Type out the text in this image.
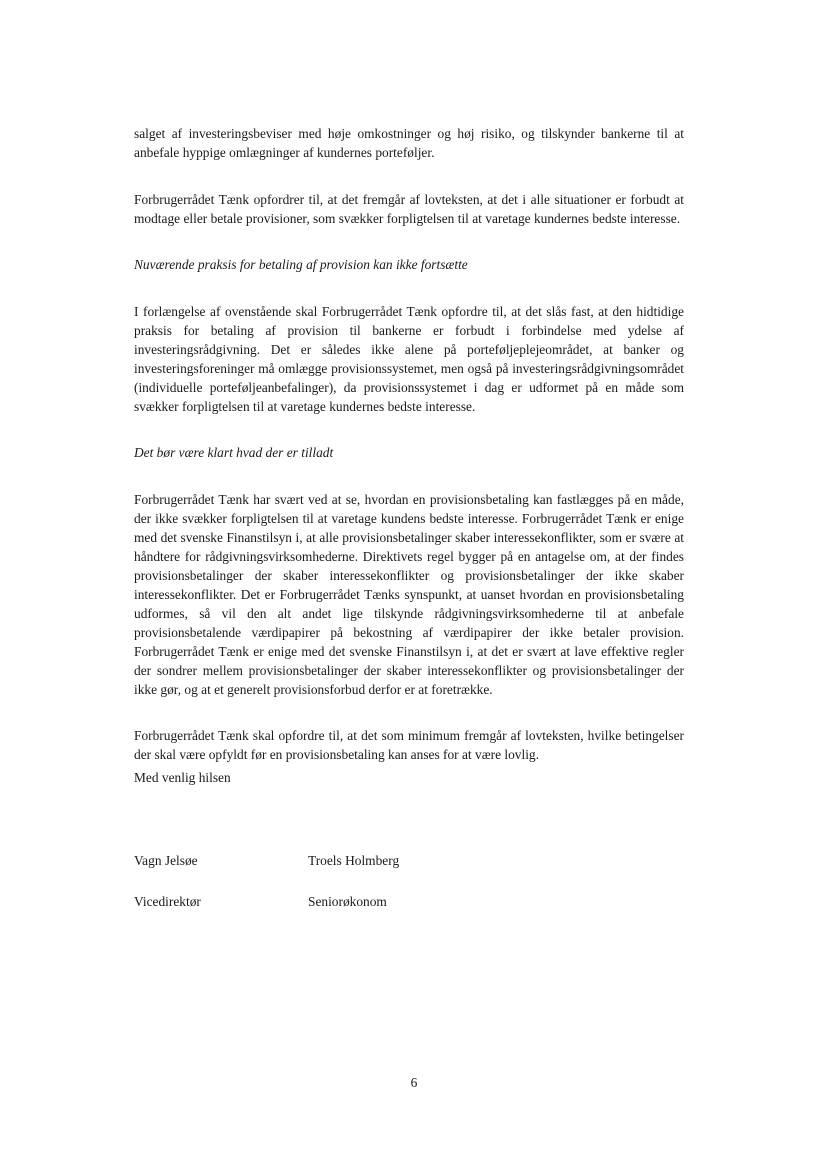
salget af investeringsbeviser med høje omkostninger og høj risiko, og tilskynder bankerne til at anbefale hyppige omlægninger af kundernes porteføljer.

Forbrugerrådet Tænk opfordrer til, at det fremgår af lovteksten, at det i alle situationer er forbudt at modtage eller betale provisioner, som svækker forpligtelsen til at varetage kundernes bedste interesse.

Nuværende praksis for betaling af provision kan ikke fortsætte

I forlængelse af ovenstående skal Forbrugerrådet Tænk opfordre til, at det slås fast, at den hidtidige praksis for betaling af provision til bankerne er forbudt i forbindelse med ydelse af investeringsrådgivning. Det er således ikke alene på porteføljeplejeområdet, at banker og investeringsforeninger må omlægge provisionssystemet, men også på investeringsrådgivningsområdet (individuelle porteføljeanbefalinger), da provisionssystemet i dag er udformet på en måde som svækker forpligtelsen til at varetage kundernes bedste interesse.

Det bør være klart hvad der er tilladt

Forbrugerrådet Tænk har svært ved at se, hvordan en provisionsbetaling kan fastlægges på en måde, der ikke svækker forpligtelsen til at varetage kundens bedste interesse. Forbrugerrådet Tænk er enige med det svenske Finanstilsyn i, at alle provisionsbetalinger skaber interessekonflikter, som er svære at håndtere for rådgivningsvirksomhederne. Direktivets regel bygger på en antagelse om, at der findes provisionsbetalinger der skaber interessekonflikter og provisionsbetalinger der ikke skaber interessekonflikter. Det er Forbrugerrådet Tænks synspunkt, at uanset hvordan en provisionsbetaling udformes, så vil den alt andet lige tilskynde rådgivningsvirksomhederne til at anbefale provisionsbetalende værdipapirer på bekostning af værdipapirer der ikke betaler provision. Forbrugerrådet Tænk er enige med det svenske Finanstilsyn i, at det er svært at lave effektive regler der sondrer mellem provisionsbetalinger der skaber interessekonflikter og provisionsbetalinger der ikke gør, og at et generelt provisionsforbud derfor er at foretrække.

Forbrugerrådet Tænk skal opfordre til, at det som minimum fremgår af lovteksten, hvilke betingelser der skal være opfyldt før en provisionsbetaling kan anses for at være lovlig.

Med venlig hilsen

Vagn Jelsøe	Troels Holmberg
Vicedirektør	Seniorøkonom
6
